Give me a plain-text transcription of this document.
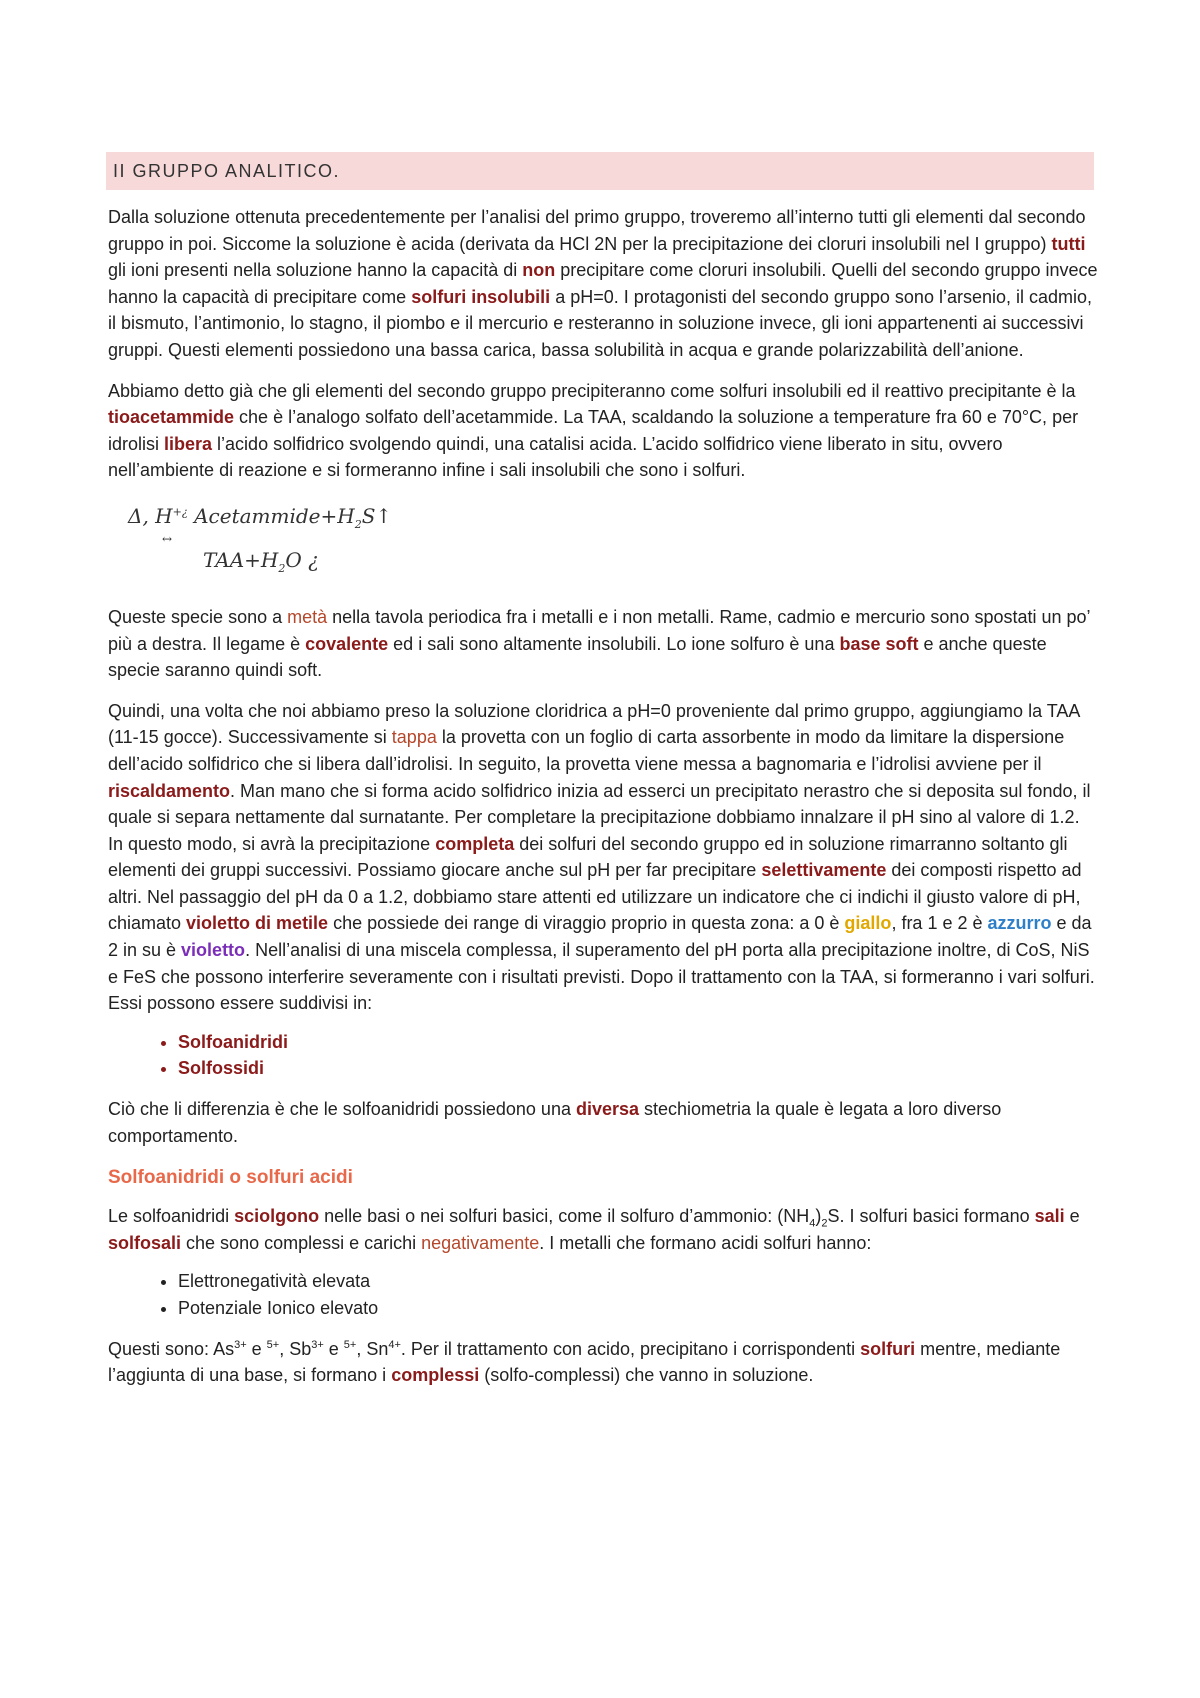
II GRUPPO ANALITICO.

Dalla soluzione ottenuta precedentemente per l’analisi del primo gruppo, troveremo all’interno tutti gli elementi dal secondo gruppo in poi. Siccome la soluzione è acida (derivata da HCl 2N per la precipitazione dei cloruri insolubili nel I gruppo) tutti gli ioni presenti nella soluzione hanno la capacità di non precipitare come cloruri insolubili. Quelli del secondo gruppo invece hanno la capacità di precipitare come solfuri insolubili a pH=0. I protagonisti del secondo gruppo sono l’arsenio, il cadmio, il bismuto, l’antimonio, lo stagno, il piombo e il mercurio e resteranno in soluzione invece, gli ioni appartenenti ai successivi gruppi. Questi elementi possiedono una bassa carica, bassa solubilità in acqua e grande polarizzabilità dell’anione.

Abbiamo detto già che gli elementi del secondo gruppo precipiteranno come solfuri insolubili ed il reattivo precipitante è la tioacetammide che è l’analogo solfato dell’acetammide. La TAA, scaldando la soluzione a temperature fra 60 e 70°C, per idrolisi libera l’acido solfidrico svolgendo quindi, una catalisi acida. L’acido solfidrico viene liberato in situ, ovvero nell’ambiente di reazione e si formeranno infine i sali insolubili che sono i solfuri.

Δ, H+¿ $Acetammide+H_2S↑$
↔
$TAA+H_2O$ ¿

Queste specie sono a metà nella tavola periodica fra i metalli e i non metalli. Rame, cadmio e mercurio sono spostati un po’ più a destra. Il legame è covalente ed i sali sono altamente insolubili. Lo ione solfuro è una base soft e anche queste specie saranno quindi soft.

Quindi, una volta che noi abbiamo preso la soluzione cloridrica a pH=0 proveniente dal primo gruppo, aggiungiamo la TAA (11-15 gocce). Successivamente si tappa la provetta con un foglio di carta assorbente in modo da limitare la dispersione dell’acido solfidrico che si libera dall’idrolisi. In seguito, la provetta viene messa a bagnomaria e l’idrolisi avviene per il riscaldamento. Man mano che si forma acido solfidrico inizia ad esserci un precipitato nerastro che si deposita sul fondo, il quale si separa nettamente dal surnatante. Per completare la precipitazione dobbiamo innalzare il pH sino al valore di 1.2. In questo modo, si avrà la precipitazione completa dei solfuri del secondo gruppo ed in soluzione rimarranno soltanto gli elementi dei gruppi successivi. Possiamo giocare anche sul pH per far precipitare selettivamente dei composti rispetto ad altri. Nel passaggio del pH da 0 a 1.2, dobbiamo stare attenti ed utilizzare un indicatore che ci indichi il giusto valore di pH, chiamato violetto di metile che possiede dei range di viraggio proprio in questa zona: a 0 è giallo, fra 1 e 2 è azzurro e da 2 in su è violetto. Nell’analisi di una miscela complessa, il superamento del pH porta alla precipitazione inoltre, di CoS, NiS e FeS che possono interferire severamente con i risultati previsti. Dopo il trattamento con la TAA, si formeranno i vari solfuri. Essi possono essere suddivisi in:

• Solfoanidridi
• Solfossidi

Ciò che li differenzia è che le solfoanidridi possiedono una diversa stechiometria la quale è legata a loro diverso comportamento.

Solfoanidridi o solfuri acidi

Le solfoanidridi sciolgono nelle basi o nei solfuri basici, come il solfuro d’ammonio: $(NH_4)_2S$. I solfuri basici formano sali e solfosali che sono complessi e carichi negativamente. I metalli che formano acidi solfuri hanno:

• Elettronegatività elevata
• Potenziale Ionico elevato

Questi sono: $As^{3+}$ e $^{5+}$, $Sb^{3+}$ e $^{5+}$, $Sn^{4+}$. Per il trattamento con acido, precipitano i corrispondenti solfuri mentre, mediante l’aggiunta di una base, si formano i complessi (solfo-complessi) che vanno in soluzione.
